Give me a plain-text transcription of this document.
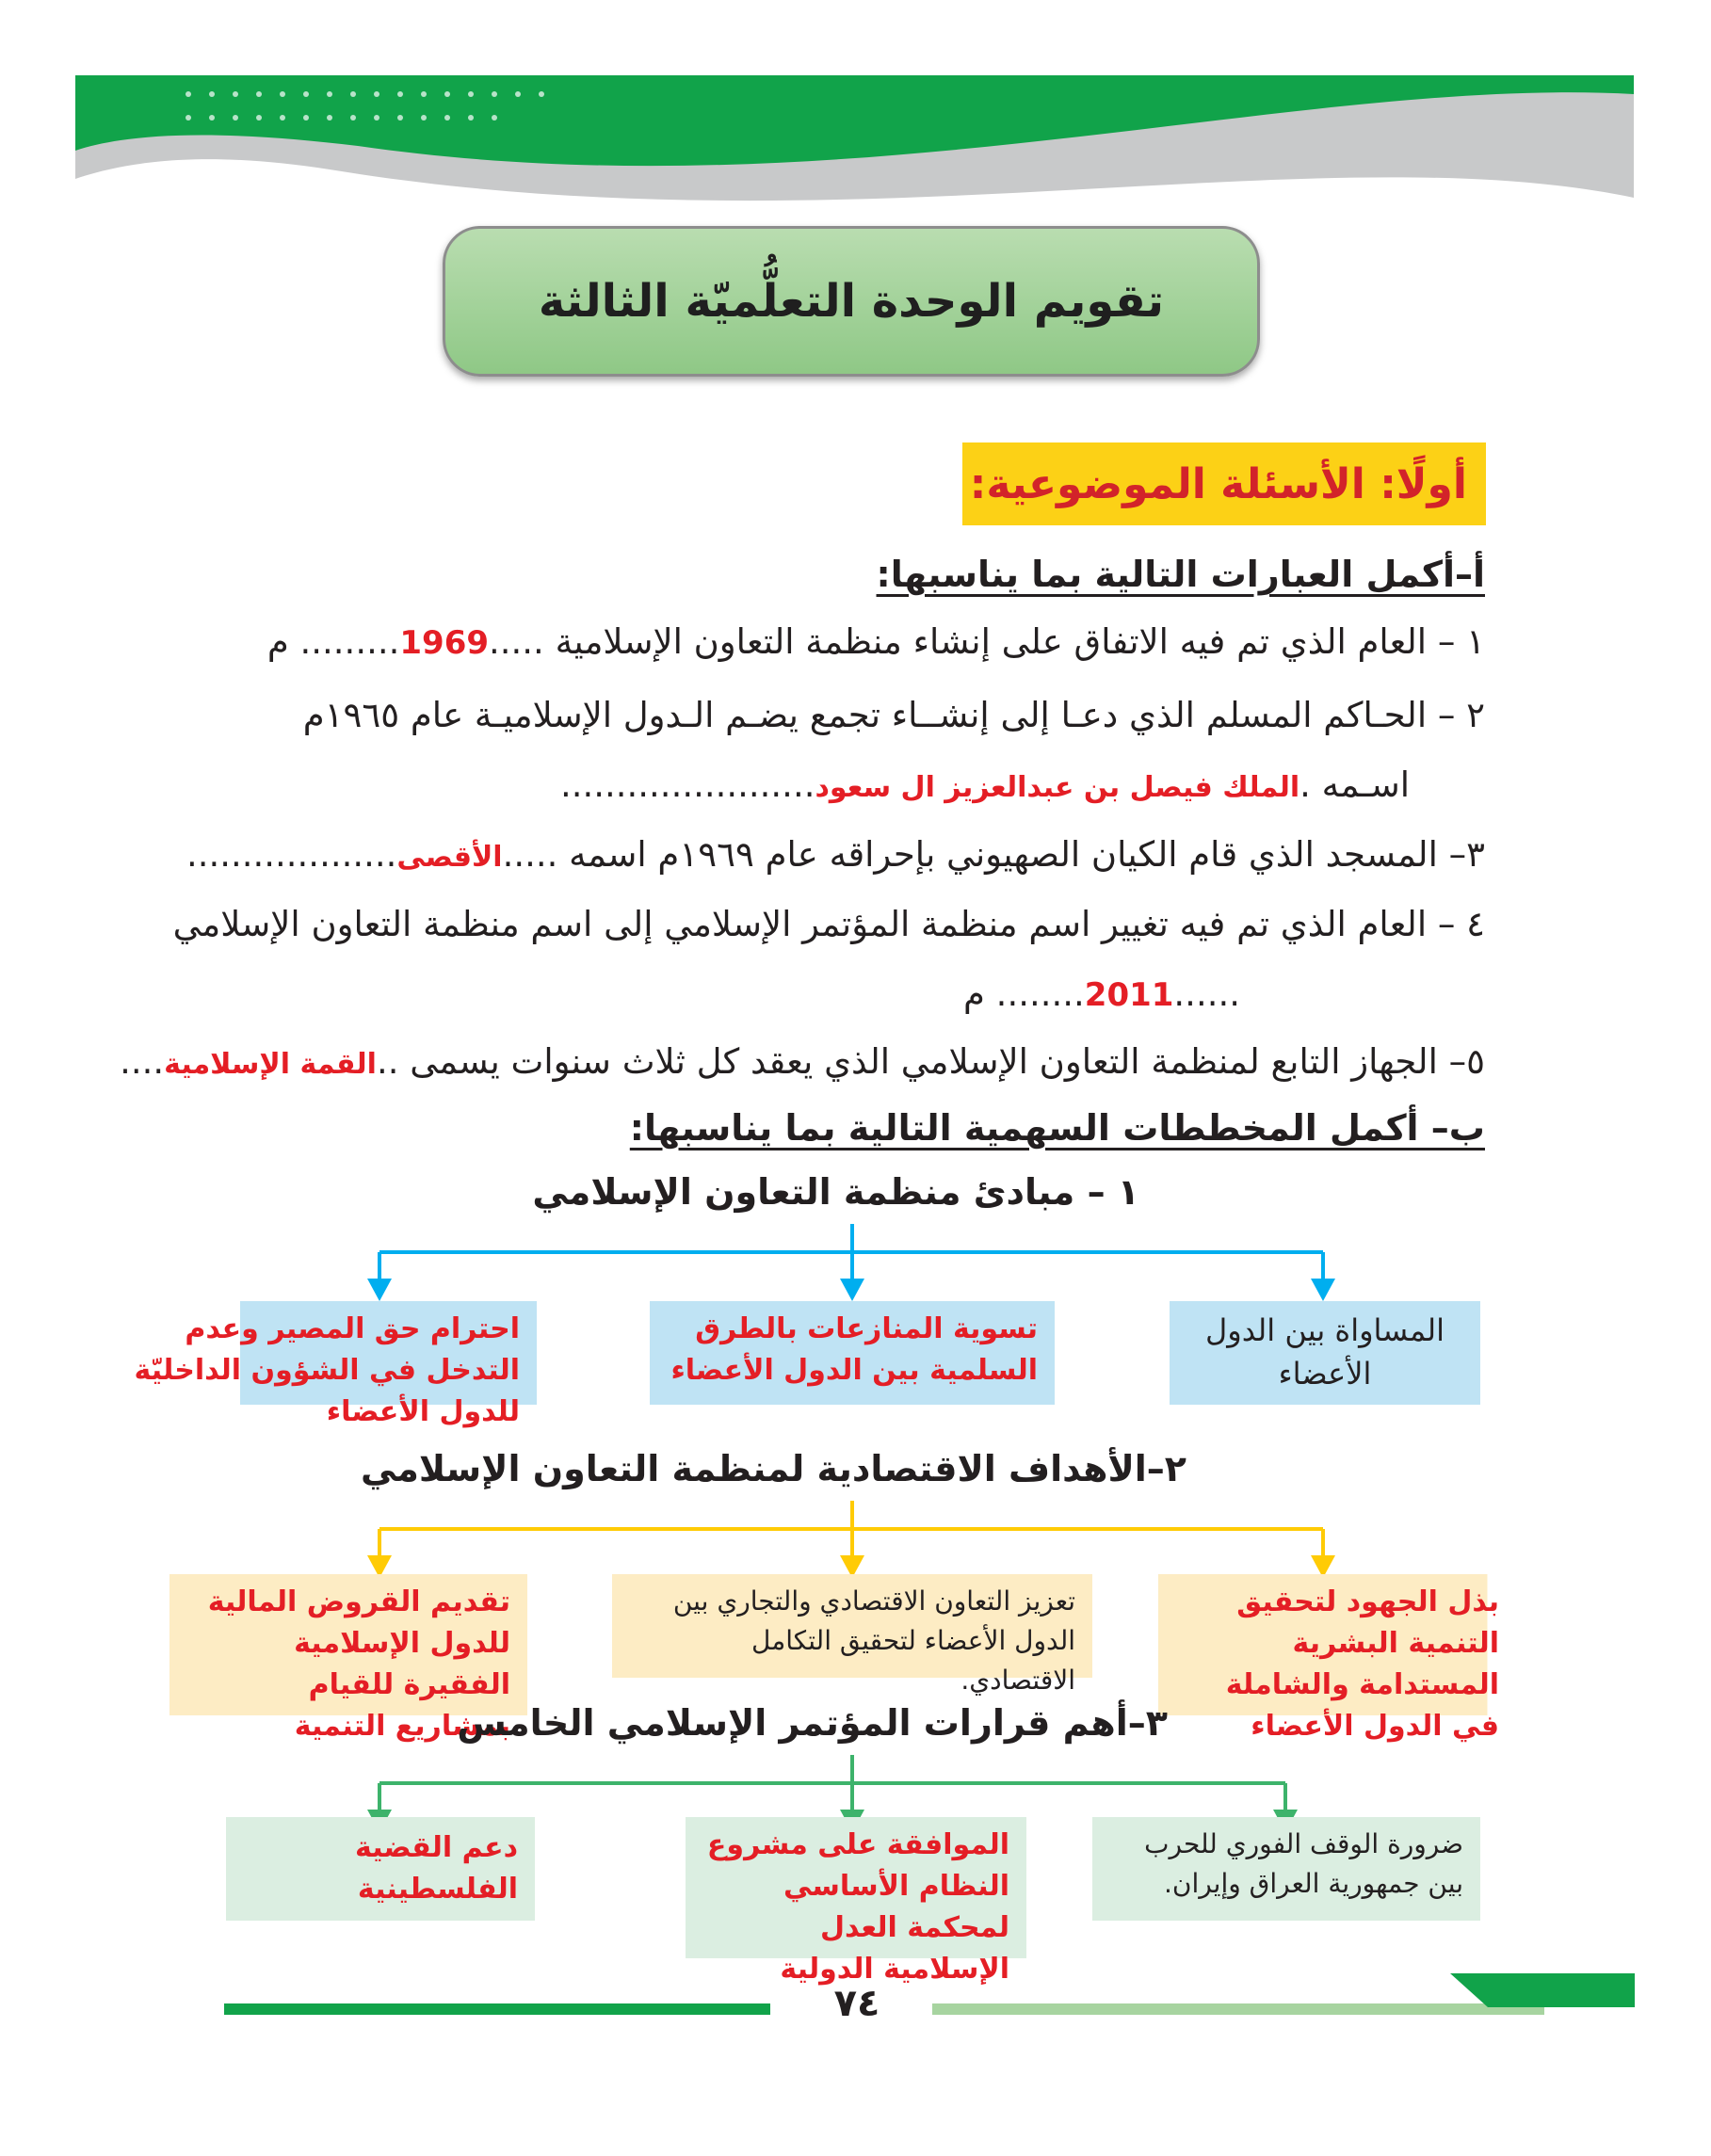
تقويم الوحدة التعلُّميّة الثالثة
أولًا: الأسئلة الموضوعية:
أ–أكمل العبارات التالية بما يناسبها:
١ – العام الذي تم فيه الاتفاق على إنشاء منظمة التعاون الإسلامية .....1969......... م
٢ – الحـاكم المسلم الذي دعـا إلى إنشــاء تجمع يضـم الـدول الإسلاميـة عام ١٩٦٥م
اسـمه .الملك فيصل بن عبدالعزيز ال سعود.......................
٣– المسجد الذي قام الكيان الصهيوني بإحراقه عام ١٩٦٩م اسمه .....الأقصى...................
٤ – العام الذي تم فيه تغيير اسم منظمة المؤتمر الإسلامي إلى اسم منظمة التعاون الإسلامي
......2011........ م
٥– الجهاز التابع لمنظمة التعاون الإسلامي الذي يعقد كل ثلاث سنوات يسمى ..القمة الإسلامية....
ب– أكمل المخططات السهمية التالية بما يناسبها:
١ – مبادئ منظمة التعاون الإسلامي
المساواة بين الدول الأعضاء
تسوية المنازعات بالطرق السلمية بين الدول الأعضاء
احترام حق المصير وعدم التدخل في الشؤون الداخليّة للدول الأعضاء
٢–الأهداف الاقتصادية لمنظمة التعاون الإسلامي
بذل الجهود لتحقيق التنمية البشرية المستدامة والشاملة في الدول الأعضاء
تعزيز التعاون الاقتصادي والتجاري بين الدول الأعضاء لتحقيق التكامل الاقتصادي.
تقديم القروض المالية للدول الإسلامية الفقيرة للقيام بمشاريع التنمية
٣–أهم قرارات المؤتمر الإسلامي الخامس
ضرورة الوقف الفوري للحرب بين جمهورية العراق وإيران.
الموافقة على مشروع النظام الأساسي لمحكمة العدل الإسلامية الدولية
دعم القضية الفلسطينية
٧٤
